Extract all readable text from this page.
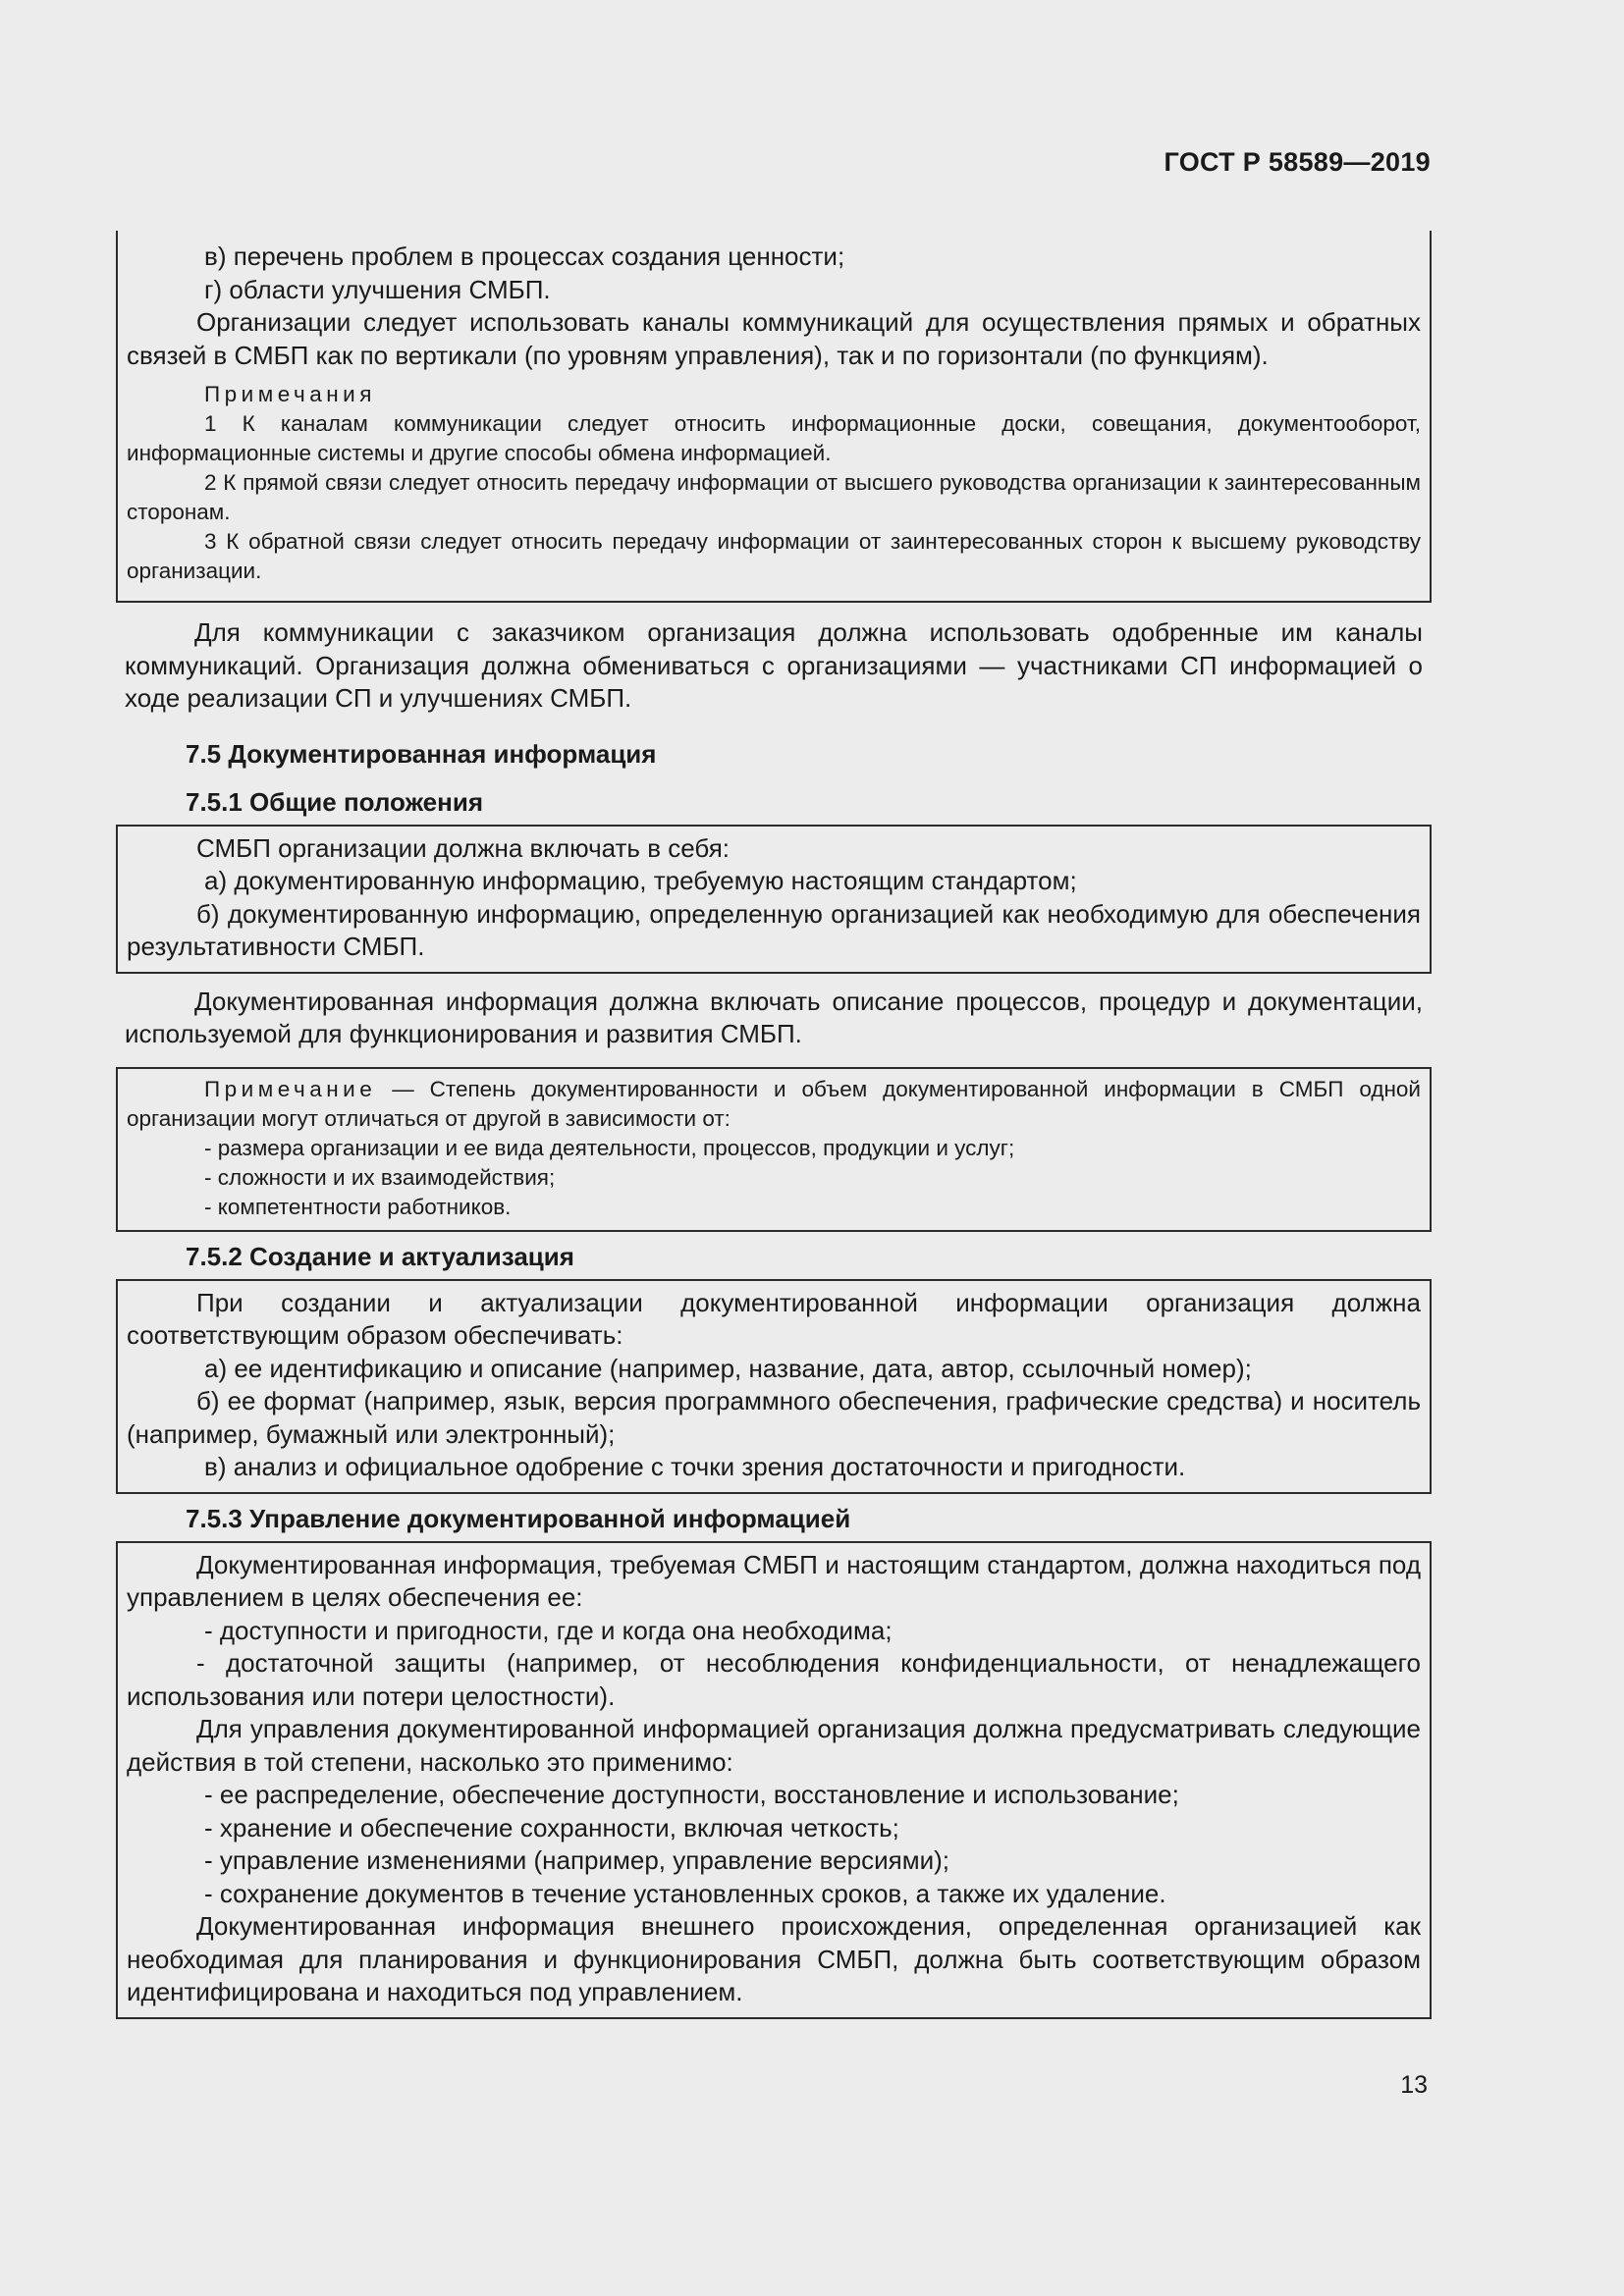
ГОСТ Р 58589—2019

в) перечень проблем в процессах создания ценности;

г) области улучшения СМБП.

Организации следует использовать каналы коммуникаций для осуществления прямых и обратных связей в СМБП как по вертикали (по уровням управления), так и по горизонтали (по функциям).

Примечания

1 К каналам коммуникации следует относить информационные доски, совещания, документооборот, информационные системы и другие способы обмена информацией.

2 К прямой связи следует относить передачу информации от высшего руководства организации к заинтересованным сторонам.

3 К обратной связи следует относить передачу информации от заинтересованных сторон к высшему руководству организации.

Для коммуникации с заказчиком организация должна использовать одобренные им каналы коммуникаций. Организация должна обмениваться с организациями — участниками СП информацией о ходе реализации СП и улучшениях СМБП.

7.5 Документированная информация
7.5.1 Общие положения

СМБП организации должна включать в себя:

а) документированную информацию, требуемую настоящим стандартом;

б) документированную информацию, определенную организацией как необходимую для обеспечения результативности СМБП.

Документированная информация должна включать описание процессов, процедур и документации, используемой для функционирования и развития СМБП.

Примечание — Степень документированности и объем документированной информации в СМБП одной организации могут отличаться от другой в зависимости от:

- размера организации и ее вида деятельности, процессов, продукции и услуг;

- сложности и их взаимодействия;

- компетентности работников.

7.5.2 Создание и актуализация

При создании и актуализации документированной информации организация должна соответствующим образом обеспечивать:

а) ее идентификацию и описание (например, название, дата, автор, ссылочный номер);

б) ее формат (например, язык, версия программного обеспечения, графические средства) и носитель (например, бумажный или электронный);

в) анализ и официальное одобрение с точки зрения достаточности и пригодности.

7.5.3 Управление документированной информацией

Документированная информация, требуемая СМБП и настоящим стандартом, должна находиться под управлением в целях обеспечения ее:

- доступности и пригодности, где и когда она необходима;

- достаточной защиты (например, от несоблюдения конфиденциальности, от ненадлежащего использования или потери целостности).

Для управления документированной информацией организация должна предусматривать следующие действия в той степени, насколько это применимо:

- ее распределение, обеспечение доступности, восстановление и использование;

- хранение и обеспечение сохранности, включая четкость;

- управление изменениями (например, управление версиями);

- сохранение документов в течение установленных сроков, а также их удаление.

Документированная информация внешнего происхождения, определенная организацией как необходимая для планирования и функционирования СМБП, должна быть соответствующим образом идентифицирована и находиться под управлением.

13
